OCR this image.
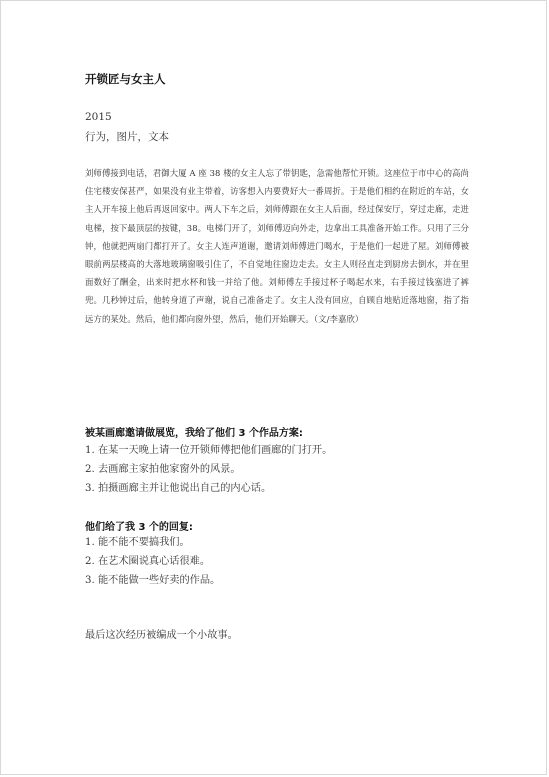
开锁匠与女主人
2015
行为，图片，文本
刘师傅接到电话，君御大厦 A 座 38 楼的女主人忘了带钥匙，急需他帮忙开锁。这座位于市中心的高尚住宅楼安保甚严，如果没有业主带着，访客想入内要费好大一番周折。于是他们相约在附近的车站，女主人开车接上他后再返回家中。两人下车之后，刘师傅跟在女主人后面，经过保安厅，穿过走廊，走进电梯，按下最顶层的按键，38。电梯门开了，刘师傅迈向外走，边拿出工具准备开始工作。只用了三分钟，他就把两扇门都打开了。女主人连声道谢，邀请刘师傅进门喝水，于是他们一起进了屋。刘师傅被眼前两层楼高的大落地玻璃窗吸引住了，不自觉地往窗边走去。女主人则径直走到厨房去倒水，并在里面数好了酬金，出来时把水杯和钱一并给了他。刘师傅左手接过杯子喝起水来，右手接过钱塞进了裤兜。几秒钟过后，他转身道了声谢，说自己准备走了。女主人没有回应，自顾自地贴近落地窗，指了指远方的某处。然后，他们都向窗外望，然后，他们开始聊天。（文/李嘉欣）
被某画廊邀请做展览，我给了他们 3 个作品方案:
1. 在某一天晚上请一位开锁师傅把他们画廊的门打开。
2. 去画廊主家拍他家窗外的风景。
3. 拍摄画廊主并让他说出自己的内心话。
他们给了我 3 个的回复:
1. 能不能不要搞我们。
2. 在艺术圈说真心话很难。
3. 能不能做一些好卖的作品。
最后这次经历被编成一个小故事。
